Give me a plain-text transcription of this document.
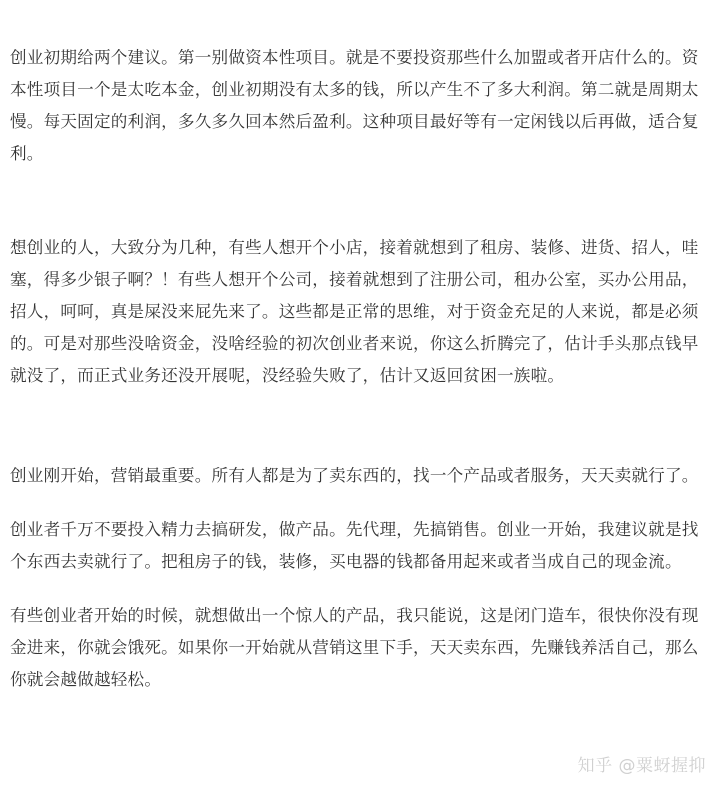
创业初期给两个建议。第一别做资本性项目。就是不要投资那些什么加盟或者开店什么的。资本性项目一个是太吃本金，创业初期没有太多的钱，所以产生不了多大利润。第二就是周期太慢。每天固定的利润，多久多久回本然后盈利。这种项目最好等有一定闲钱以后再做，适合复利。

想创业的人，大致分为几种，有些人想开个小店，接着就想到了租房、装修、进货、招人，哇塞，得多少银子啊？！有些人想开个公司，接着就想到了注册公司，租办公室，买办公用品，招人，呵呵，真是屎没来屁先来了。这些都是正常的思维，对于资金充足的人来说，都是必须的。可是对那些没啥资金，没啥经验的初次创业者来说，你这么折腾完了，估计手头那点钱早就没了，而正式业务还没开展呢，没经验失败了，估计又返回贫困一族啦。

创业刚开始，营销最重要。所有人都是为了卖东西的，找一个产品或者服务，天天卖就行了。

创业者千万不要投入精力去搞研发，做产品。先代理，先搞销售。创业一开始，我建议就是找个东西去卖就行了。把租房子的钱，装修，买电器的钱都备用起来或者当成自己的现金流。

有些创业者开始的时候，就想做出一个惊人的产品，我只能说，这是闭门造车，很快你没有现金进来，你就会饿死。如果你一开始就从营销这里下手，天天卖东西，先赚钱养活自己，那么你就会越做越轻松。

知乎 @粟蚜握抑
